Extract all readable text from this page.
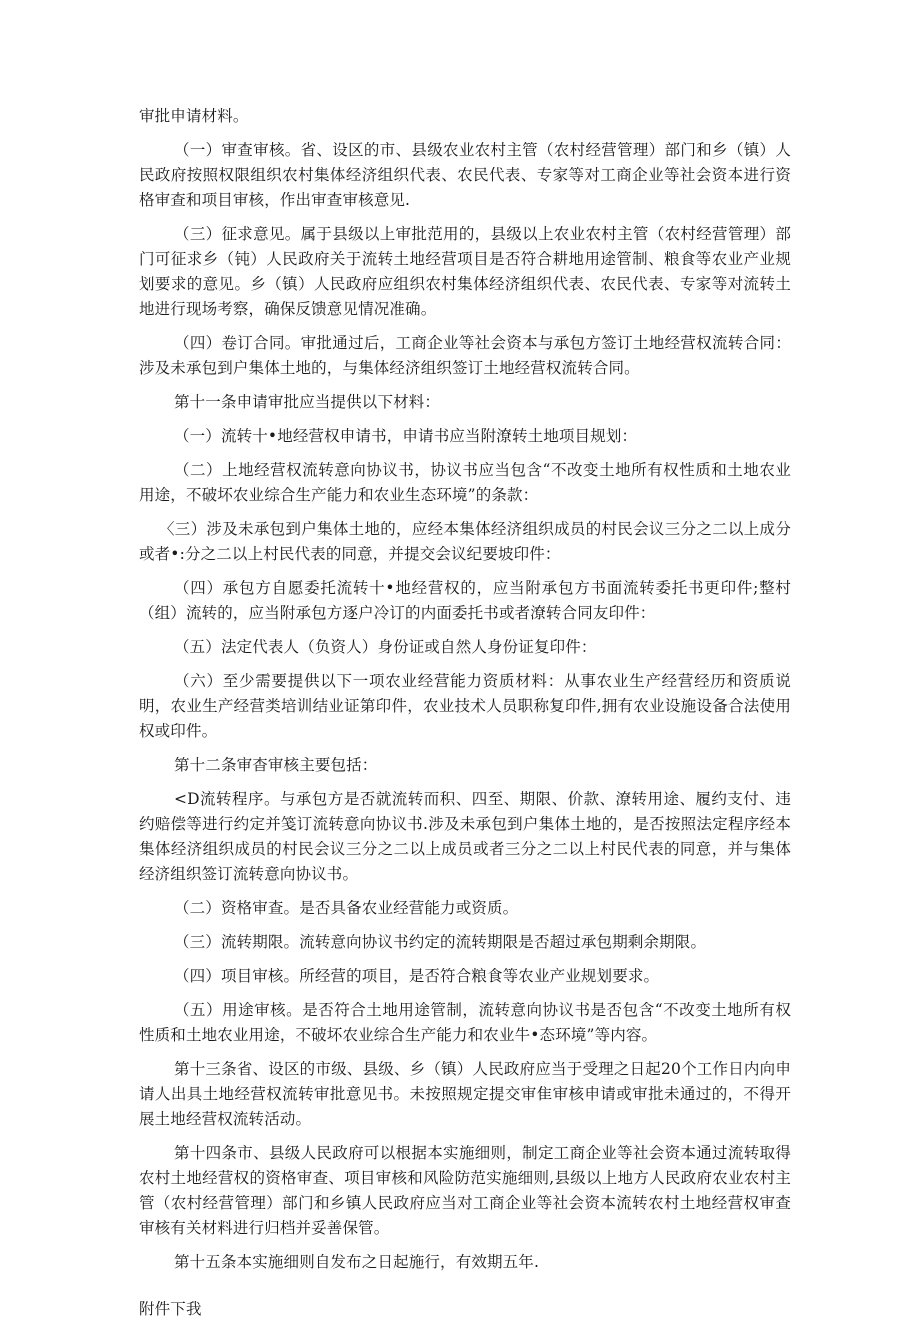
审批申请材料。

（一）审查审核。省、设区的市、县级农业农村主管（农村经营管理）部门和乡（镇）人民政府按照权限组织农村集体经济组织代表、农民代表、专家等对工商企业等社会资本进行资格审查和项目审核，作出审查审核意见.

（三）征求意见。属于县级以上审批范用的，县级以上农业农村主管（农村经营管理）部门可征求乡（钝）人民政府关于流转土地经营项目是否符合耕地用途管制、粮食等农业产业规划要求的意见。乡（镇）人民政府应组织农村集体经济组织代表、农民代表、专家等对流转土地进行现场考察，确保反馈意见情况准确。

（四）卷订合同。审批通过后，工商企业等社会资本与承包方签订土地经营权流转合同：涉及未承包到户集体土地的，与集体经济组织签订土地经营权流转合同。

第十一条申请审批应当提供以下材料：

（一）流转十•地经营权申请书，申请书应当附潦转土地项目规划：

（二）上地经营权流转意向协议书，协议书应当包含“不改变土地所有权性质和土地农业用途，不破坏农业综合生产能力和农业生态环境”的条款：

〈三）涉及未承包到户集体土地的，应经本集体经济组织成员的村民会议三分之二以上成分或者•:分之二以上村民代表的同意，并提交会议纪要坡印件：

（四）承包方自愿委托流转十•地经营权的，应当附承包方书面流转委托书更印件;整村（组）流转的，应当附承包方逐户冷订的内面委托书或者潦转合同友印件：

（五）法定代表人（负资人）身份证或自然人身份证复印件：

（六）至少需要提供以下一项农业经营能力资质材料：从事农业生产经营经历和资质说明，农业生产经营类培训结业证第印件，农业技术人员职称复印件,拥有农业设施设备合法使用权或印件。

第十二条审杳审核主要包括：

<D流转程序。与承包方是否就流转而积、四至、期限、价款、潦转用途、履约支付、违约赔偿等进行约定并笺订流转意向协议书.涉及未承包到户集体土地的，是否按照法定程序经本集体经济组织成员的村民会议三分之二以上成员或者三分之二以上村民代表的同意，并与集体经济组织签订流转意向协议书。

（二）资格审查。是否具备农业经营能力或资质。

（三）流转期限。流转意向协议书约定的流转期限是否超过承包期剩余期限。

（四）项目审核。所经营的项目，是否符合粮食等农业产业规划要求。

（五）用途审核。是否符合土地用途管制，流转意向协议书是否包含“不改变土地所有权性质和土地农业用途，不破坏农业综合生产能力和农业牛•态环境”等内容。

第十三条省、设区的市级、县级、乡（镇）人民政府应当于受理之日起20个工作日内向申请人出具土地经营权流转审批意见书。未按照规定提交审隹审核申请或审批未通过的，不得开展土地经营权流转活动。

第十四条市、县级人民政府可以根据本实施细则，制定工商企业等社会资本通过流转取得农村土地经营权的资格审查、项目审核和风险防范实施细则,县级以上地方人民政府农业农村主管（农村经营管理）部门和乡镇人民政府应当对工商企业等社会资本流转农村土地经营权审查审核有关材料进行归档并妥善保管。

第十五条本实施细则自发布之日起施行，有效期五年.

附件下我
